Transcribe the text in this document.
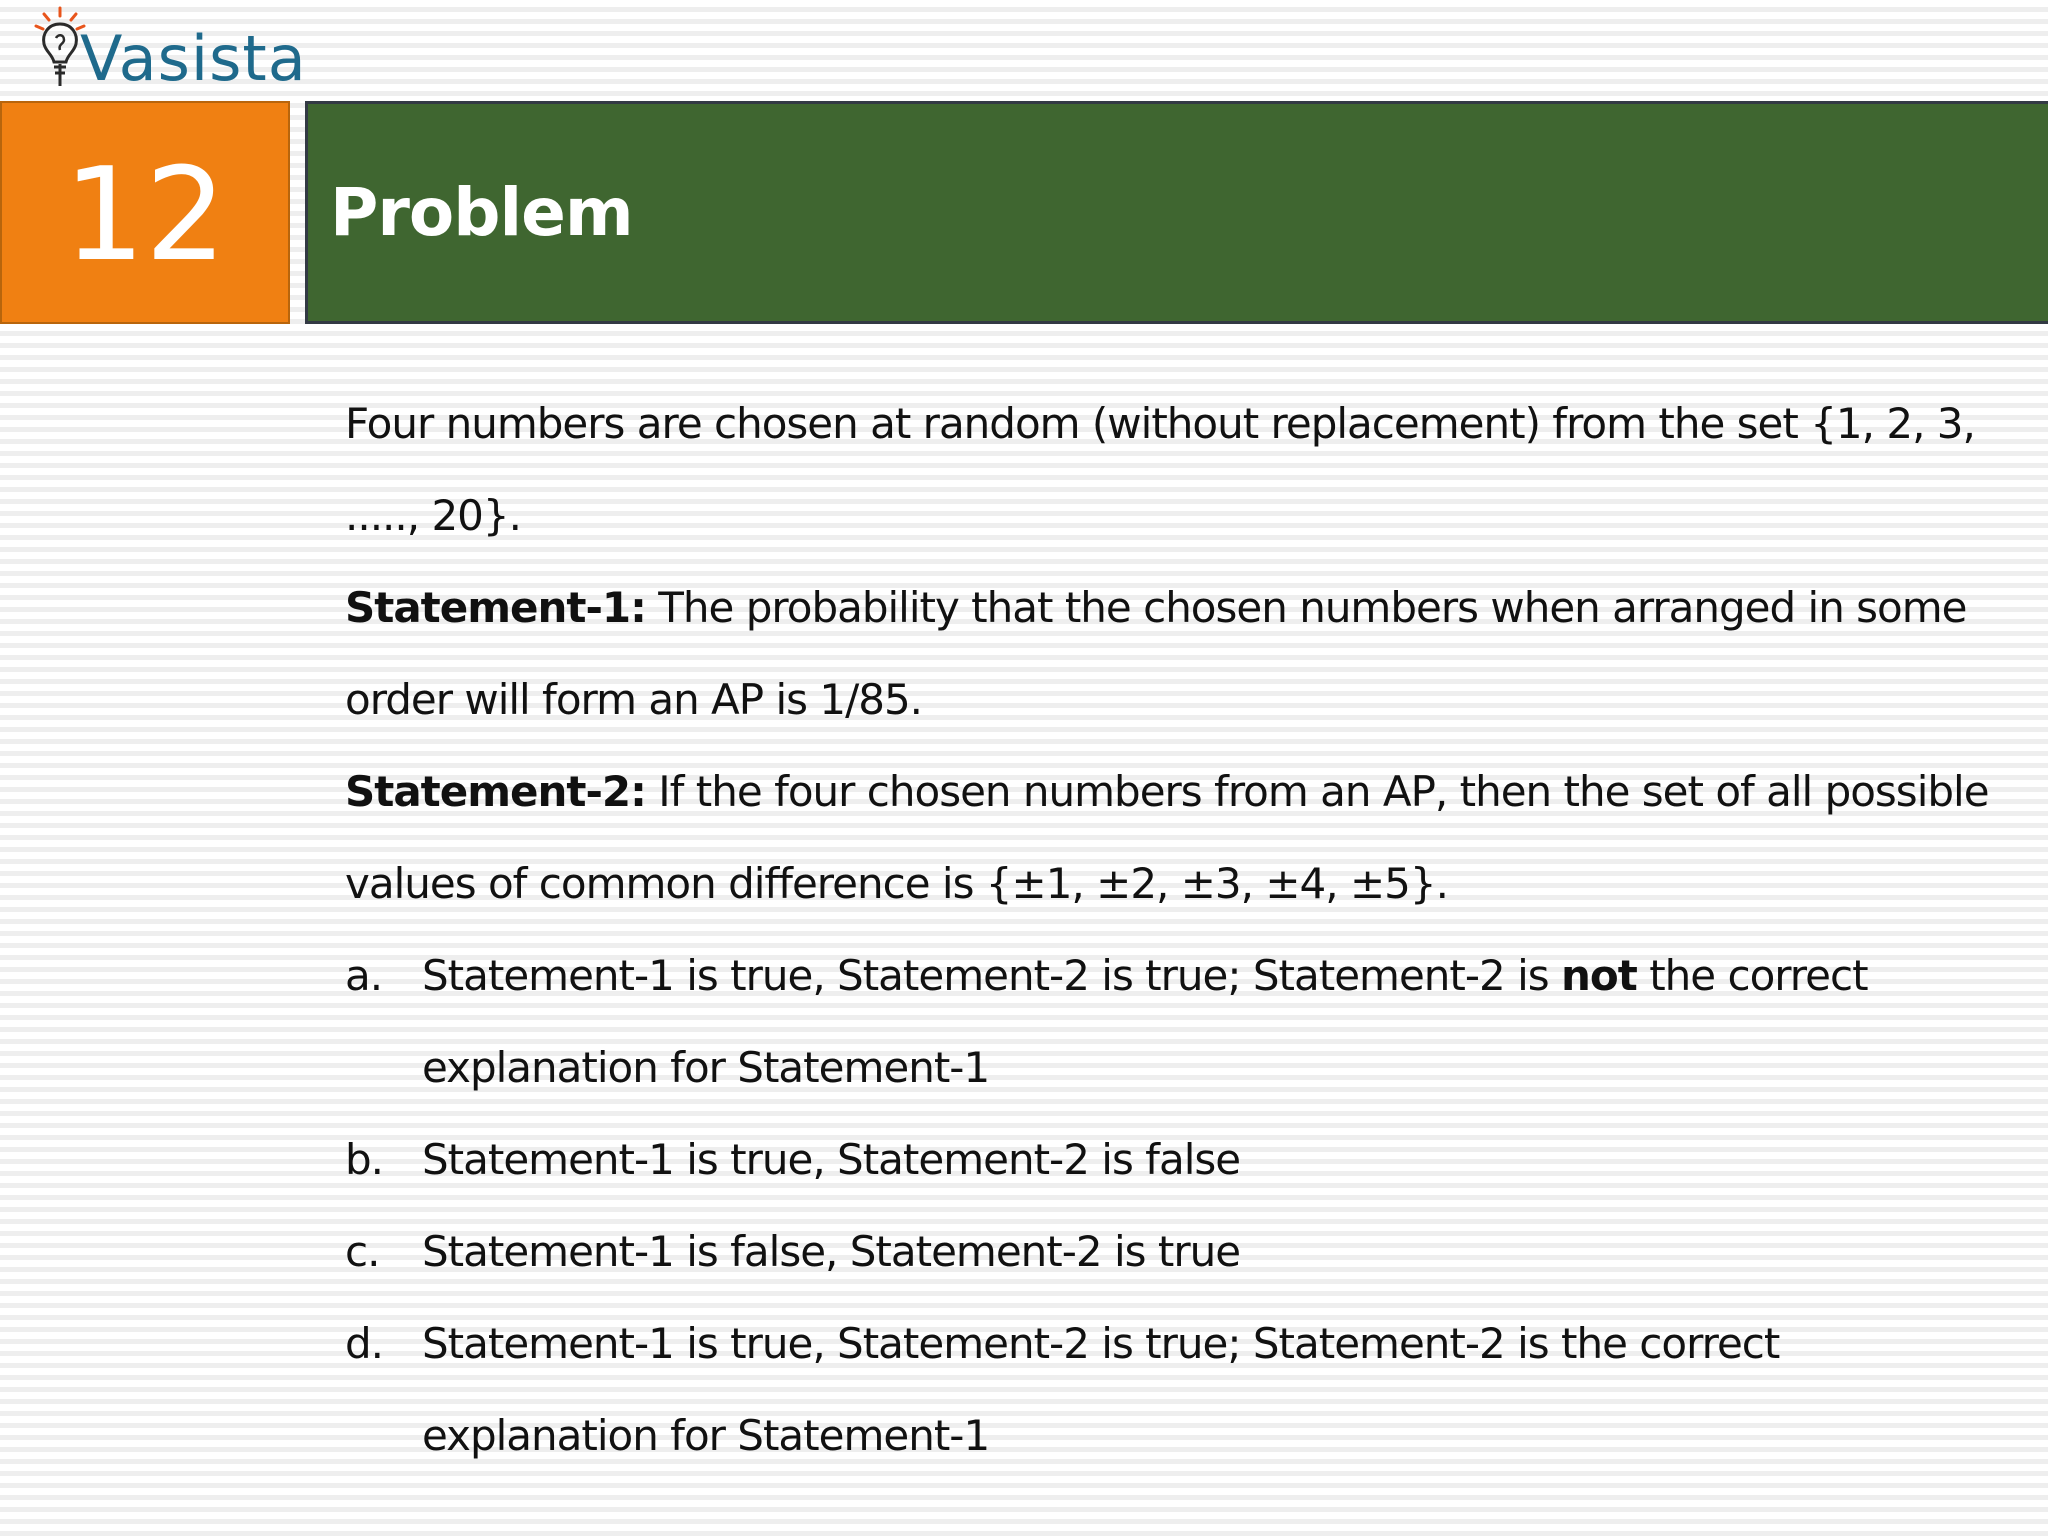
Vasista
12 Problem

Four numbers are chosen at random (without replacement) from the set {1, 2, 3, ....., 20}.

Statement-1: The probability that the chosen numbers when arranged in some order will form an AP is 1/85.

Statement-2: If the four chosen numbers from an AP, then the set of all possible values of common difference is {±1, ±2, ±3, ±4, ±5}.

a. Statement-1 is true, Statement-2 is true; Statement-2 is not the correct explanation for Statement-1
b. Statement-1 is true, Statement-2 is false
c.	Statement-1 is false, Statement-2 is true
d. Statement-1 is true, Statement-2 is true; Statement-2 is the correct explanation for Statement-1
